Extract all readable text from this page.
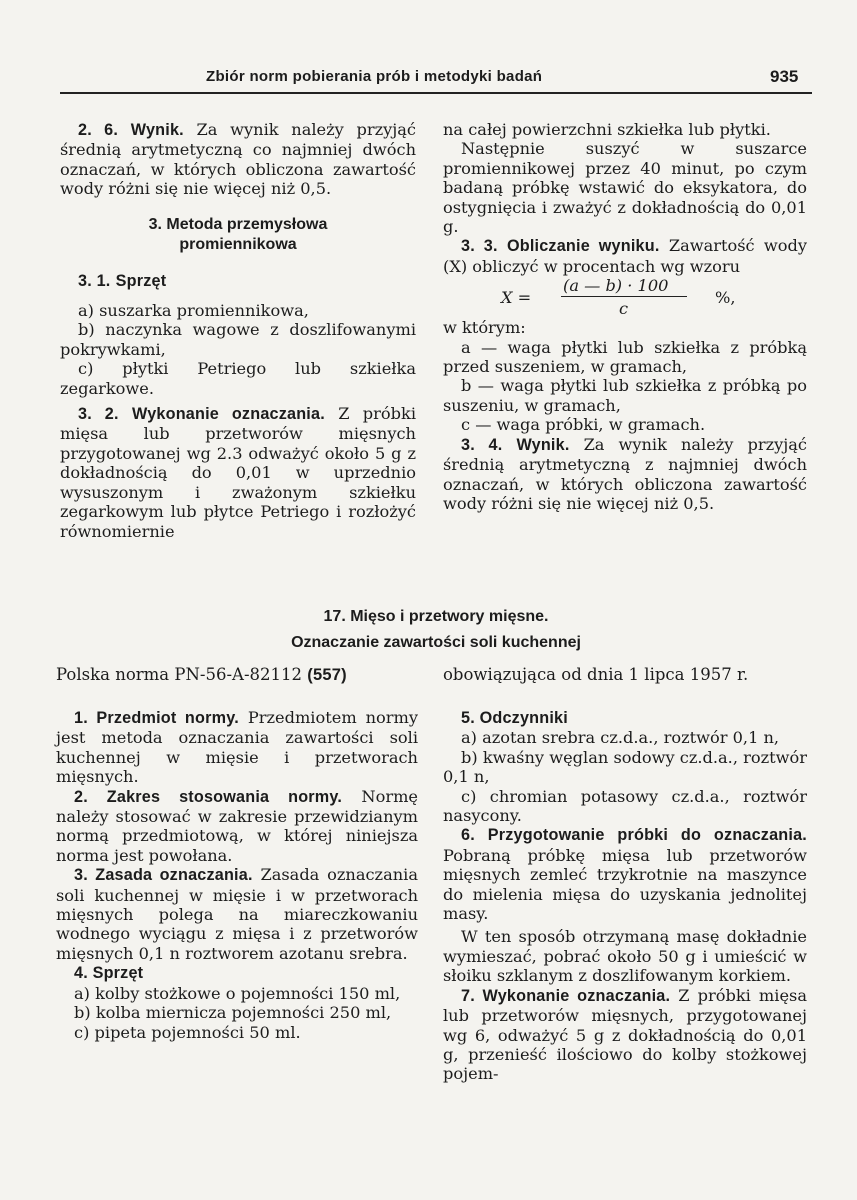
Zbiór norm pobierania prób i metodyki badań	935

2. 6. Wynik. Za wynik należy przyjąć średnią arytmetyczną co najmniej dwóch oznaczań, w których obliczona zawartość wody różni się nie więcej niż 0,5.

3. Metoda przemysłowa
promiennikowa

3. 1. Sprzęt

a) suszarka promiennikowa,

b) naczynka wagowe z doszlifowanymi pokrywkami,

c) płytki Petriego lub szkiełka zegarkowe.

3. 2. Wykonanie oznaczania. Z próbki mięsa lub przetworów mięsnych przygotowanej wg 2.3 odważyć około 5 g z dokładnością do 0,01 w uprzednio wysuszonym i zważonym szkiełku zegarkowym lub płytce Petriego i rozłożyć równomiernie

na całej powierzchni szkiełka lub płytki.

Następnie suszyć w suszarce promiennikowej przez 40 minut, po czym badaną próbkę wstawić do eksykatora, do ostygnięcia i zważyć z dokładnością do 0,01 g.

3. 3. Obliczanie wyniku. Zawartość wody (X) obliczyć w procentach wg wzoru

X =
(a — b) · 100
c
%,

w którym:

a — waga płytki lub szkiełka z próbką przed suszeniem, w gramach,

b — waga płytki lub szkiełka z próbką po suszeniu, w gramach,

c — waga próbki, w gramach.

3. 4. Wynik. Za wynik należy przyjąć średnią arytmetyczną z najmniej dwóch oznaczań, w których obliczona zawartość wody różni się nie więcej niż 0,5.

17. Mięso i przetwory mięsne.
Oznaczanie zawartości soli kuchennej
Polska norma PN-56-A-82112 (557)	obowiązująca od dnia 1 lipca 1957 r.

1. Przedmiot normy. Przedmiotem normy jest metoda oznaczania zawartości soli kuchennej w mięsie i przetworach mięsnych.

2. Zakres stosowania normy. Normę należy stosować w zakresie przewidzianym normą przedmiotową, w której niniejsza norma jest powołana.

3. Zasada oznaczania. Zasada oznaczania soli kuchennej w mięsie i w przetworach mięsnych polega na miareczkowaniu wodnego wyciągu z mięsa i z przetworów mięsnych 0,1 n roztworem azotanu srebra.

4. Sprzęt

a) kolby stożkowe o pojemności 150 ml,

b) kolba miernicza pojemności 250 ml,

c) pipeta pojemności 50 ml.

5. Odczynniki

a) azotan srebra cz.d.a., roztwór 0,1 n,

b) kwaśny węglan sodowy cz.d.a., roztwór 0,1 n,

c) chromian potasowy cz.d.a., roztwór nasycony.

6. Przygotowanie próbki do oznaczania. Pobraną próbkę mięsa lub przetworów mięsnych zemleć trzykrotnie na maszynce do mielenia mięsa do uzyskania jednolitej masy.

W ten sposób otrzymaną masę dokładnie wymieszać, pobrać około 50 g i umieścić w słoiku szklanym z doszlifowanym korkiem.

7. Wykonanie oznaczania. Z próbki mięsa lub przetworów mięsnych, przygotowanej wg 6, odważyć 5 g z dokładnością do 0,01 g, przenieść ilościowo do kolby stożkowej pojem-
